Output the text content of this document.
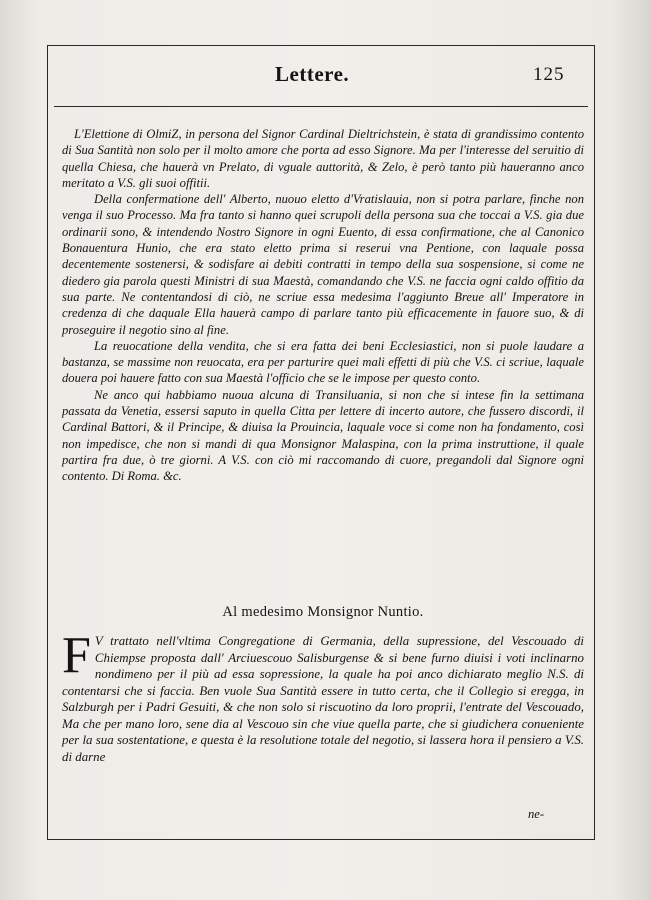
Lettere.	125

L'Elettione di OlmiZ, in persona del Signor Cardinal Dieltrichstein, è stata di grandissimo contento di Sua Santità non solo per il molto amore che porta ad esso Signore. Ma per l'interesse del seruitio di quella Chiesa, che hauerà vn Prelato, di vguale auttorità, & Zelo, è però tanto più haueranno anco meritato a V.S. gli suoi offitii.

Della confermatione dell' Alberto, nuouo eletto d'Vratislauia, non si potra parlare, finche non venga il suo Processo. Ma fra tanto si hanno quei scrupoli della persona sua che toccai a V.S. gia due ordinarii sono, & intendendo Nostro Signore in ogni Euento, di essa confirmatione, che al Canonico Bonauentura Hunio, che era stato eletto prima si reserui vna Pentione, con laquale possa decentemente sostenersi, & sodisfare ai debiti contratti in tempo della sua sospensione, si come ne diedero gia parola questi Ministri di sua Maestà, comandando che V.S. ne faccia ogni caldo offitio da sua parte. Ne contentandosi di ciò, ne scriue essa medesima l'aggiunto Breue all' Imperatore in credenza di che daquale Ella hauerà campo di parlare tanto più efficacemente in fauore suo, & di proseguire il negotio sino al fine.

La reuocatione della vendita, che si era fatta dei beni Ecclesiastici, non si puole laudare a bastanza, se massime non reuocata, era per parturire quei mali effetti di più che V.S. ci scriue, laquale douera poi hauere fatto con sua Maestà l'officio che se le impose per questo conto.

Ne anco qui habbiamo nuoua alcuna di Transiluania, si non che si intese fin la settimana passata da Venetia, essersi saputo in quella Citta per lettere di incerto autore, che fussero discordi, il Cardinal Battori, & il Principe, & diuisa la Prouincia, laquale voce si come non ha fondamento, così non impedisce, che non si mandi di qua Monsignor Malaspina, con la prima instruttione, il quale partira fra due, ò tre giorni. A V.S. con ciò mi raccomando di cuore, pregandoli dal Signore ogni contento. Di Roma. &c.

Al medesimo Monsignor Nuntio.
F V trattato nell'vltima Congregatione di Germania, della supressione, del Vescouado di Chiempse proposta dall' Arciuescouo Salisburgense & si bene furno diuisi i voti inclinarno nondimeno per il più ad essa sopressione, la quale ha poi anco dichiarato meglio N.S. di contentarsi che si faccia. Ben vuole Sua Santità essere in tutto certa, che il Collegio si eregga, in Salzburgh per i Padri Gesuiti, & che non solo si riscuotino da loro proprii, l'entrate del Vescouado, Ma che per mano loro, sene dia al Vescouo sin che viue quella parte, che si giudichera conueniente per la sua sostentatione, e questa è la resolutione totale del negotio, si lassera hora il pensiero a V.S. di darne
ne-
